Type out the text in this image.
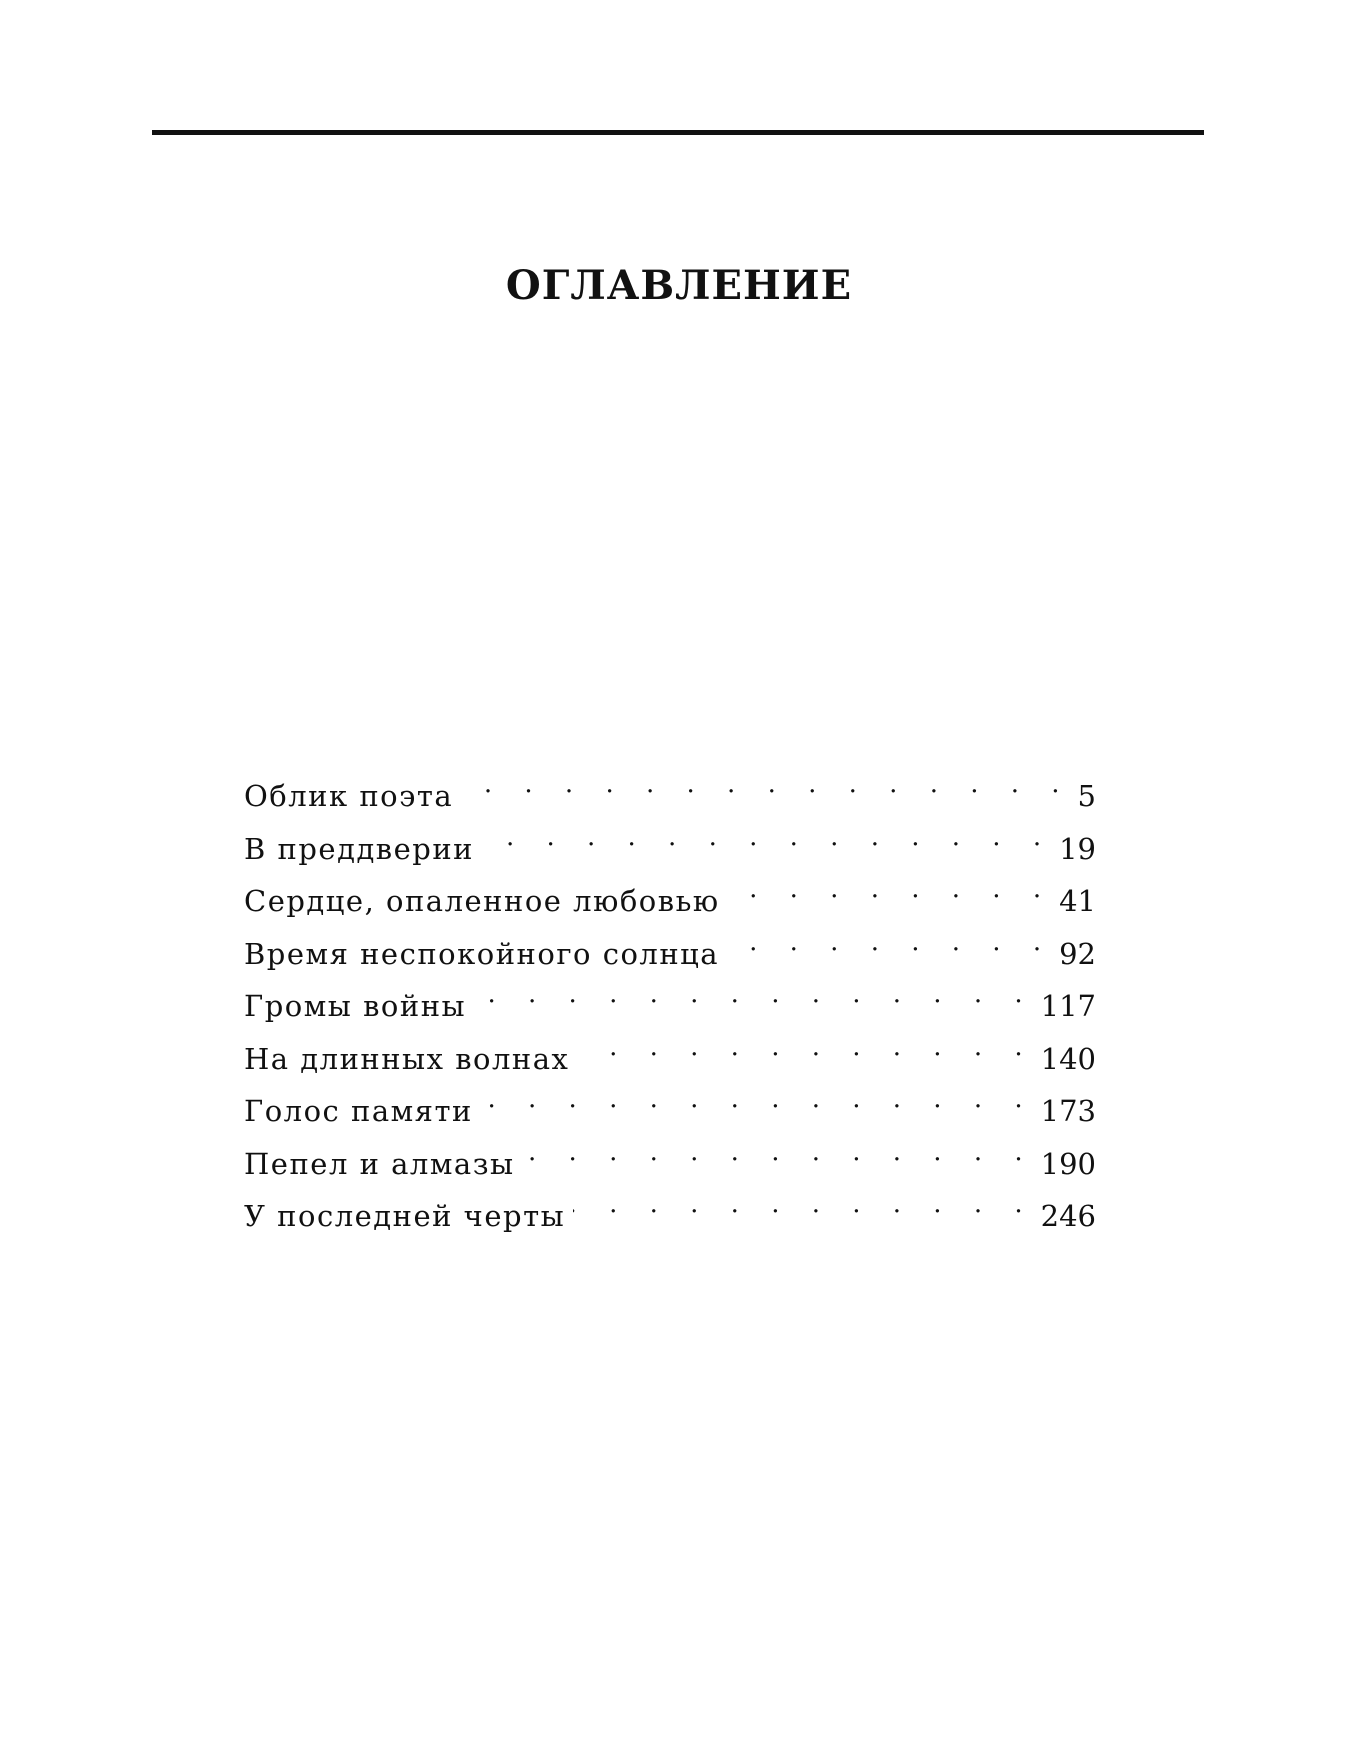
ОГЛАВЛЕНИЕ
Облик поэта . . .	5
В преддверии . . .	19
Сердце, опаленное любовью . . .	41
Время неспокойного солнца . . .	92
Громы войны . . .	117
На длинных волнах . . .	140
Голос памяти . . .	173
Пепел и алмазы . . .	190
У последней черты . . .	246
